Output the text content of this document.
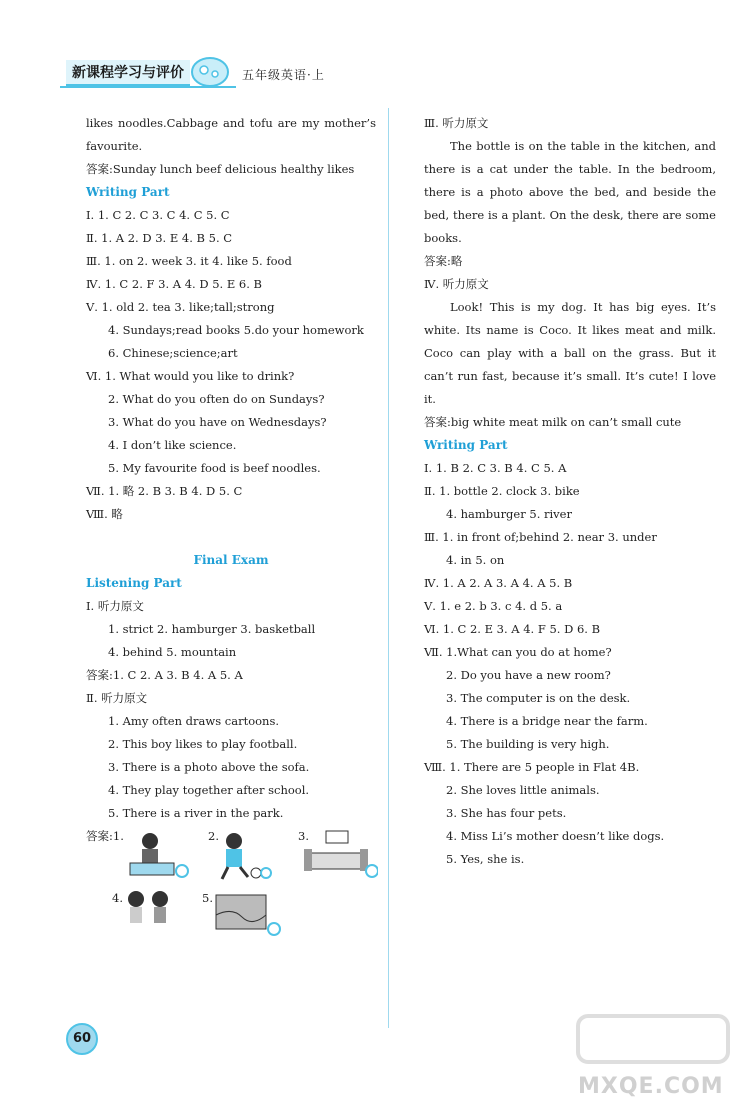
新课程学习与评价	五年级英语·上
likes noodles.Cabbage and tofu are my mother’s favourite.
答案:Sunday lunch beef delicious healthy likes
Writing Part
Ⅰ. 1. C 2. C 3. C 4. C 5. C
Ⅱ. 1. A 2. D 3. E 4. B 5. C
Ⅲ. 1. on 2. week 3. it 4. like 5. food
Ⅳ. 1. C 2. F 3. A 4. D 5. E 6. B
Ⅴ. 1. old 2. tea 3. like;tall;strong
4. Sundays;read books 5.do your homework
6. Chinese;science;art
Ⅵ. 1. What would you like to drink?
2. What do you often do on Sundays?
3. What do you have on Wednesdays?
4. I don’t like science.
5. My favourite food is beef noodles.
Ⅶ. 1. 略 2. B 3. B 4. D 5. C
Ⅷ. 略
Final Exam
Listening Part
Ⅰ. 听力原文
1. strict 2. hamburger 3. basketball
4. behind 5. mountain
答案:1. C 2. A 3. B 4. A 5. A
Ⅱ. 听力原文
1. Amy often draws cartoons.
2. This boy likes to play football.
3. There is a photo above the sofa.
4. They play together after school.
5. There is a river in the park.
答案:1.	2.	3.
4.	5.
Ⅲ. 听力原文
The bottle is on the table in the kitchen, and there is a cat under the table. In the bedroom, there is a photo above the bed, and beside the bed, there is a plant. On the desk, there are some books.
答案:略
Ⅳ. 听力原文
Look! This is my dog. It has big eyes. It’s white. Its name is Coco. It likes meat and milk. Coco can play with a ball on the grass. But it can’t run fast, because it’s small. It’s cute! I love it.
答案:big white meat milk on can’t small cute
Writing Part
Ⅰ. 1. B 2. C 3. B 4. C 5. A
Ⅱ. 1. bottle 2. clock 3. bike
4. hamburger 5. river
Ⅲ. 1. in front of;behind 2. near 3. under
4. in 5. on
Ⅳ. 1. A 2. A 3. A 4. A 5. B
Ⅴ. 1. e 2. b 3. c 4. d 5. a
Ⅵ. 1. C 2. E 3. A 4. F 5. D 6. B
Ⅶ. 1.What can you do at home?
2. Do you have a new room?
3. The computer is on the desk.
4. There is a bridge near the farm.
5. The building is very high.
Ⅷ. 1. There are 5 people in Flat 4B.
2. She loves little animals.
3. She has four pets.
4. Miss Li’s mother doesn’t like dogs.
5. Yes, she is.
60
MXQE.COM
